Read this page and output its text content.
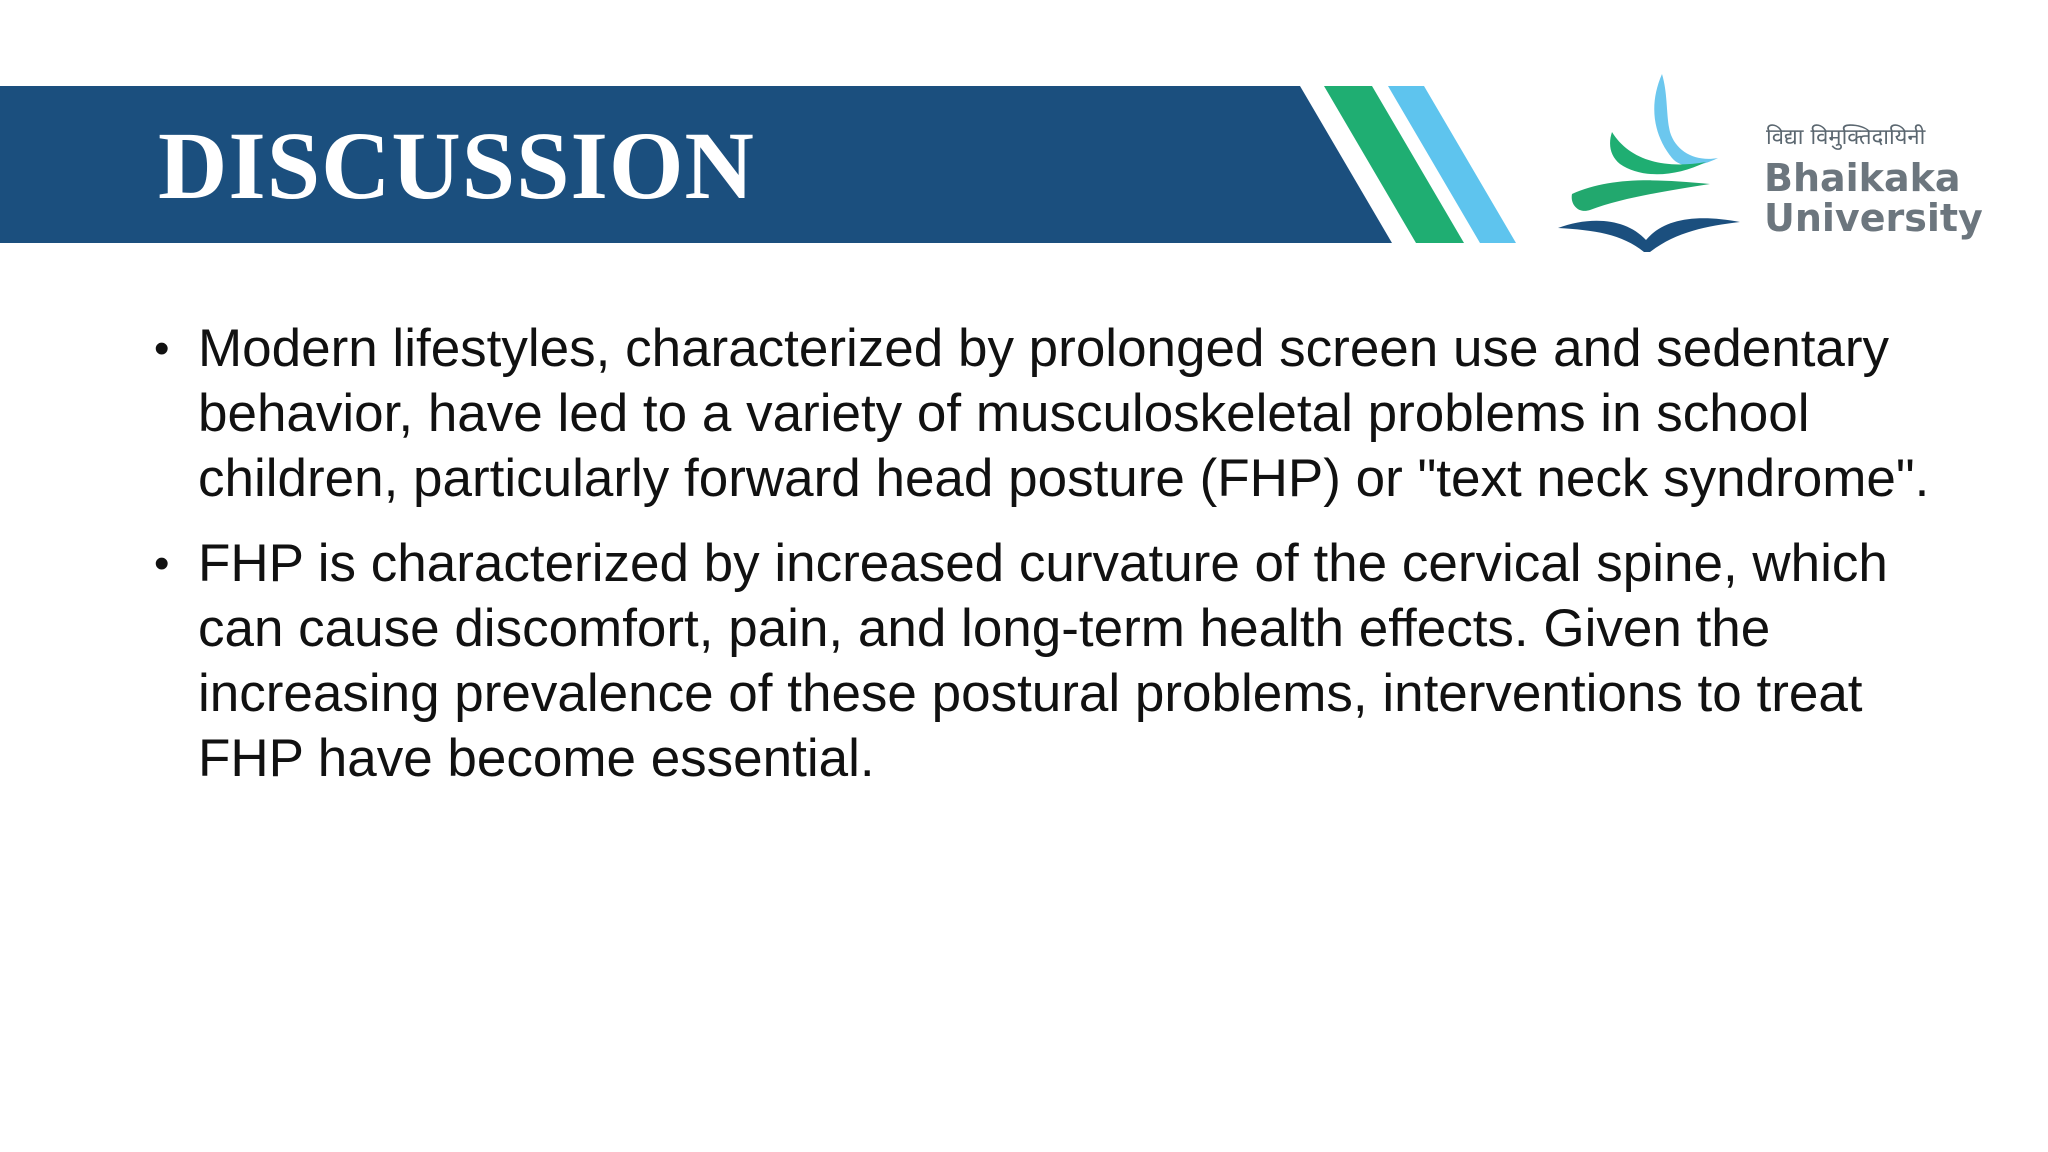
DISCUSSION	विद्या विमुक्तिदायिनी
Bhaikaka
University
• Modern lifestyles, characterized by prolonged screen use and sedentary behavior, have led to a variety of musculoskeletal problems in school children, particularly forward head posture (FHP) or "text neck syndrome".
• FHP is characterized by increased curvature of the cervical spine, which can cause discomfort, pain, and long-term health effects. Given the increasing prevalence of these postural problems, interventions to treat FHP have become essential.
